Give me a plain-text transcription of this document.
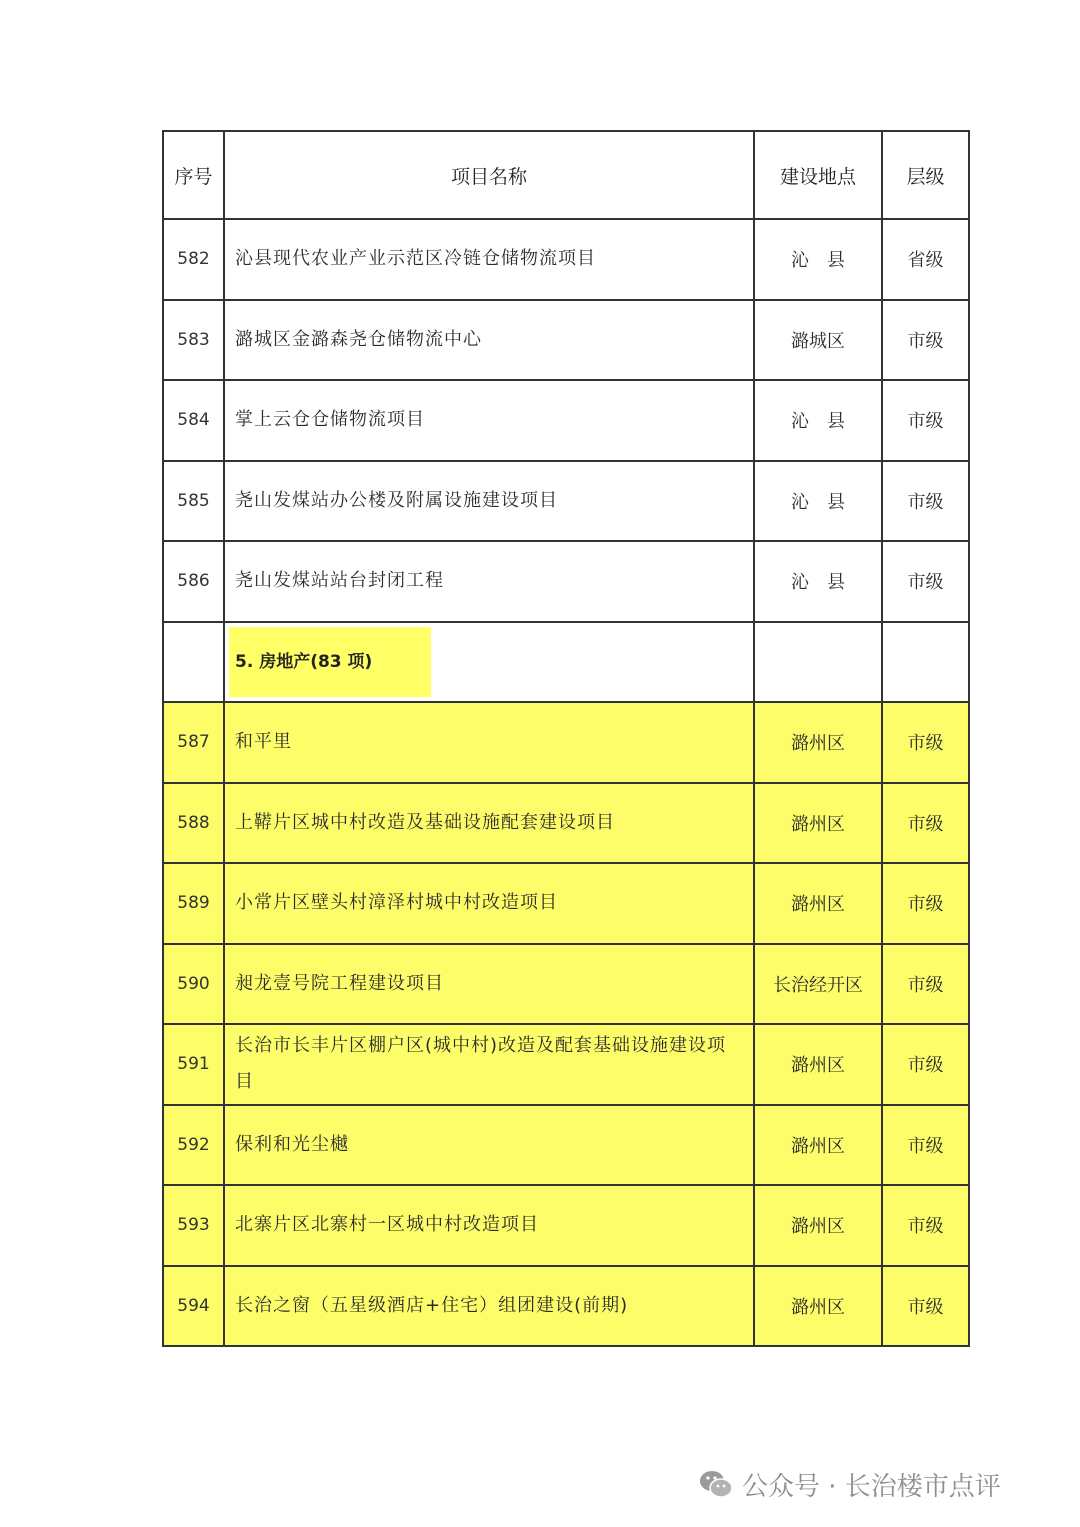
序号	项目名称	建设地点	层级
582	沁县现代农业产业示范区冷链仓储物流项目	沁　县	省级
583	潞城区金潞森尧仓储物流中心	潞城区	市级
584	掌上云仓仓储物流项目	沁　县	市级
585	尧山发煤站办公楼及附属设施建设项目	沁　县	市级
586	尧山发煤站站台封闭工程	沁　县	市级
	5. 房地产(83 项)		
587	和平里	潞州区	市级
588	上鞯片区城中村改造及基础设施配套建设项目	潞州区	市级
589	小常片区壁头村漳泽村城中村改造项目	潞州区	市级
590	昶龙壹号院工程建设项目	长治经开区	市级
591	长治市长丰片区棚户区(城中村)改造及配套基础设施建设项目	潞州区	市级
592	保利和光尘樾	潞州区	市级
593	北寨片区北寨村一区城中村改造项目	潞州区	市级
594	长治之窗（五星级酒店+住宅）组团建设(前期)	潞州区	市级
公众号 · 长治楼市点评
